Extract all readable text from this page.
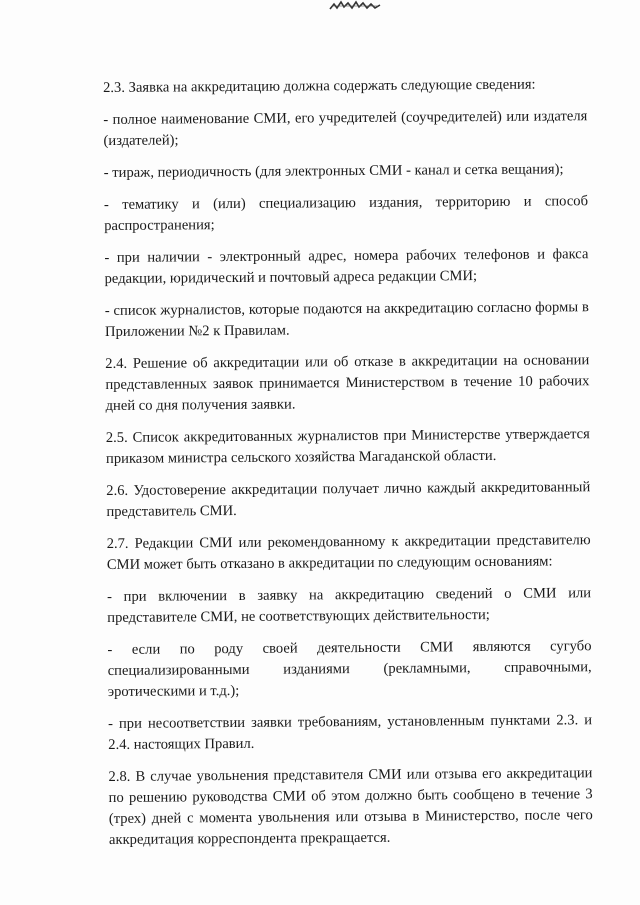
2.3. Заявка на аккредитацию должна содержать следующие сведения:

- полное наименование СМИ, его учредителей (соучредителей) или издателя (издателей);

- тираж, периодичность (для электронных СМИ - канал и сетка вещания);

- тематику и (или) специализацию издания, территорию и способ распространения;

- при наличии - электронный адрес, номера рабочих телефонов и факса редакции, юридический и почтовый адреса редакции СМИ;

- список журналистов, которые подаются на аккредитацию согласно формы в Приложении №2 к Правилам.

2.4. Решение об аккредитации или об отказе в аккредитации на основании представленных заявок принимается Министерством в течение 10 рабочих дней со дня получения заявки.

2.5. Список аккредитованных журналистов при Министерстве утверждается приказом министра сельского хозяйства Магаданской области.

2.6. Удостоверение аккредитации получает лично каждый аккредитованный представитель СМИ.

2.7. Редакции СМИ или рекомендованному к аккредитации представителю СМИ может быть отказано в аккредитации по следующим основаниям:

- при включении в заявку на аккредитацию сведений о СМИ или представителе СМИ, не соответствующих действительности;

- если по роду своей деятельности СМИ являются сугубо специализированными изданиями (рекламными, справочными, эротическими и т.д.);

- при несоответствии заявки требованиям, установленным пунктами 2.3. и 2.4. настоящих Правил.

2.8. В случае увольнения представителя СМИ или отзыва его аккредитации по решению руководства СМИ об этом должно быть сообщено в течение 3 (трех) дней с момента увольнения или отзыва в Министерство, после чего аккредитация корреспондента прекращается.
